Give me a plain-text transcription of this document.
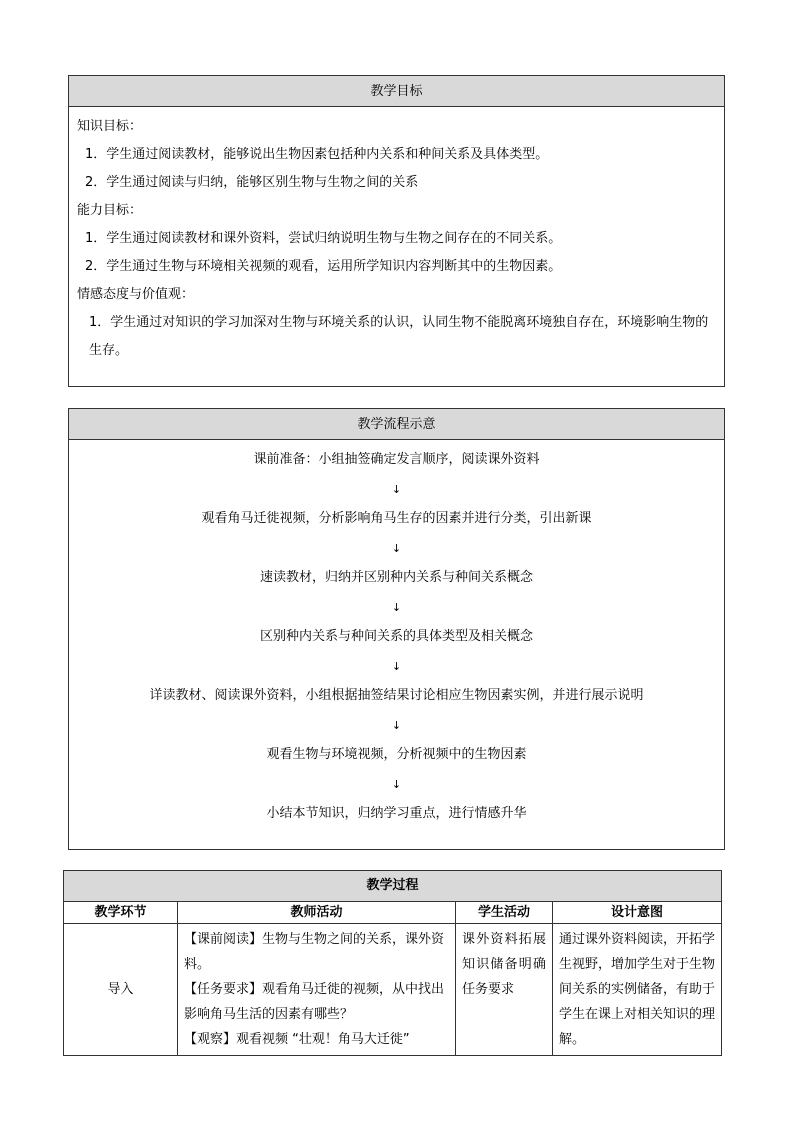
教学目标
知识目标：
1．学生通过阅读教材，能够说出生物因素包括种内关系和种间关系及具体类型。
2．学生通过阅读与归纳，能够区别生物与生物之间的关系
能力目标：
1．学生通过阅读教材和课外资料，尝试归纳说明生物与生物之间存在的不同关系。
2．学生通过生物与环境相关视频的观看，运用所学知识内容判断其中的生物因素。
情感态度与价值观：
1．学生通过对知识的学习加深对生物与环境关系的认识，认同生物不能脱离环境独自存在，环境影响生物的生存。
教学流程示意
课前准备：小组抽签确定发言顺序，阅读课外资料
↓
观看角马迁徙视频，分析影响角马生存的因素并进行分类，引出新课
↓
速读教材，归纳并区别种内关系与种间关系概念
↓
区别种内关系与种间关系的具体类型及相关概念
↓
详读教材、阅读课外资料，小组根据抽签结果讨论相应生物因素实例，并进行展示说明
↓
观看生物与环境视频，分析视频中的生物因素
↓
小结本节知识，归纳学习重点，进行情感升华
教学过程			
教学环节	教师活动	学生活动	设计意图
导入	【课前阅读】生物与生物之间的关系，课外资料。
【任务要求】观看角马迁徙的视频，从中找出影响角马生活的因素有哪些？
【观察】观看视频 “壮观！角马大迁徙”	课外资料拓展知识储备明确任务要求	通过课外资料阅读，开拓学生视野，增加学生对于生物间关系的实例储备，有助于学生在课上对相关知识的理解。
